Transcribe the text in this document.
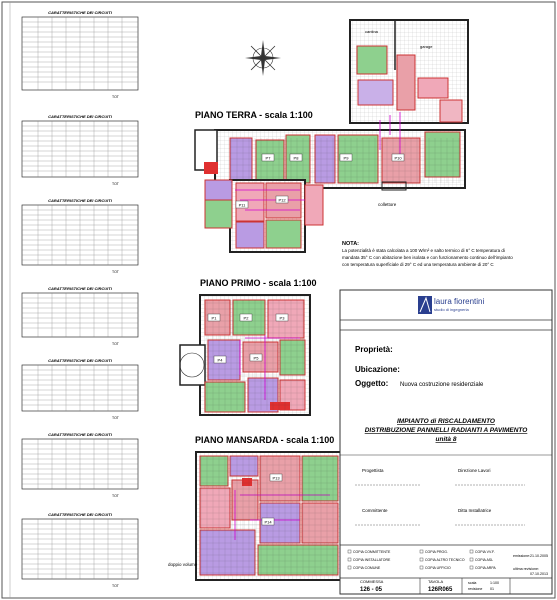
CARATTERISTICHE DEI CIRCUITI
TOT
CARATTERISTICHE DEI CIRCUITI
TOT
CARATTERISTICHE DEI CIRCUITI
TOT
CARATTERISTICHE DEI CIRCUITI
TOT
CARATTERISTICHE DEI CIRCUITI
TOT
CARATTERISTICHE DEI CIRCUITI
TOT
CARATTERISTICHE DEI CIRCUITI
TOT
PIANO TERRA - scala 1:100
PIANO PRIMO - scala 1:100
PIANO MANSARDA - scala 1:100
cantina
garage
collettore
NOTA:
La potenzialità è stata calcolata a 100 W/m² e salto termico di 6° C temperatura di
mandata 35° C con abitazione ben isolata e con funzionamento continuo dell'impianto
con temperatura superficiale di 29° C ed una temperatura ambiente di 20° C
doppio volume
P7	P8	P9	P10
P11
P12
P1	P2	P3
P4	P5
P13
P14
laura fiorentini
studio di ingegneria
Proprietà:
Ubicazione:
Oggetto: Nuova costruzione residenziale
IMPIANTO di RISCALDAMENTO
DISTRIBUZIONE PANNELLI RADIANTI A PAVIMENTO
unità 8
Progettista	Direzione Lavori
Committente	Ditta Installatrice
COPIA COMMITTENTE
COPIA INSTALLATORE
COPIA COMUNE
COPIA PROG.
COPIA ALTRO TECNICO
COPIA UFFICIO
COPIA VV.F.
COPIA ASL
COPIA ARPA
emissione: 21.10.2005
ultima revisione:
07.10.2013
COMMESSA
126 - 05
TAVOLA
126R065
scala	1:100
revisione 01
